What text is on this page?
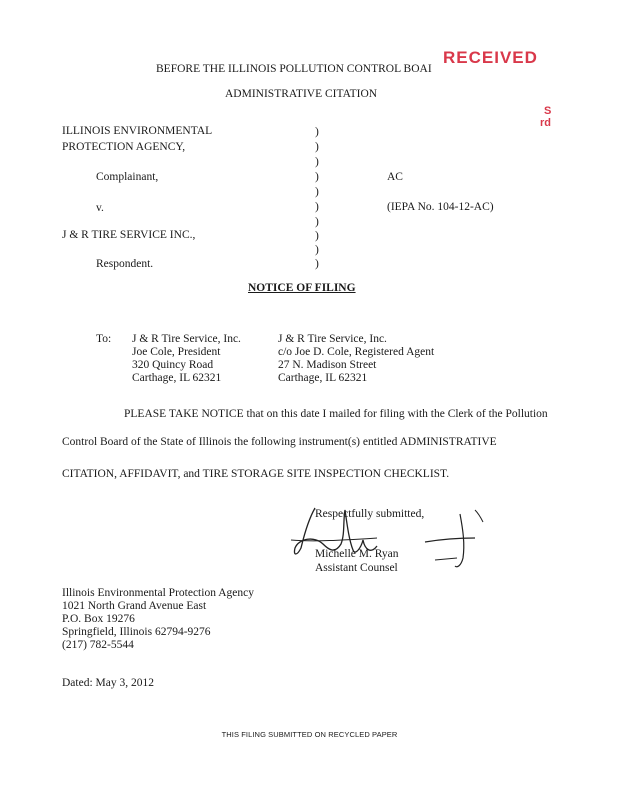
RECEIVED
S
rd
BEFORE THE ILLINOIS POLLUTION CONTROL BOAI
ADMINISTRATIVE CITATION
ILLINOIS ENVIRONMENTAL
PROTECTION AGENCY,
Complainant,
v.
J & R TIRE SERVICE INC.,
Respondent.
)
)
)
)
)
)
)
)
)
)
AC
(IEPA No. 104-12-AC)
NOTICE OF FILING
To: J & R Tire Service, Inc.
Joe Cole, President
320 Quincy Road
Carthage, IL 62321
J & R Tire Service, Inc.
c/o Joe D. Cole, Registered Agent
27 N. Madison Street
Carthage, IL 62321
PLEASE TAKE NOTICE that on this date I mailed for filing with the Clerk of the Pollution
Control Board of the State of Illinois the following instrument(s) entitled ADMINISTRATIVE
CITATION, AFFIDAVIT, and TIRE STORAGE SITE INSPECTION CHECKLIST.
Respectfully submitted,
Michelle M. Ryan
Assistant Counsel
Illinois Environmental Protection Agency
1021 North Grand Avenue East
P.O. Box 19276
Springfield, Illinois 62794-9276
(217) 782-5544
Dated: May 3, 2012
THIS FILING SUBMITTED ON RECYCLED PAPER
